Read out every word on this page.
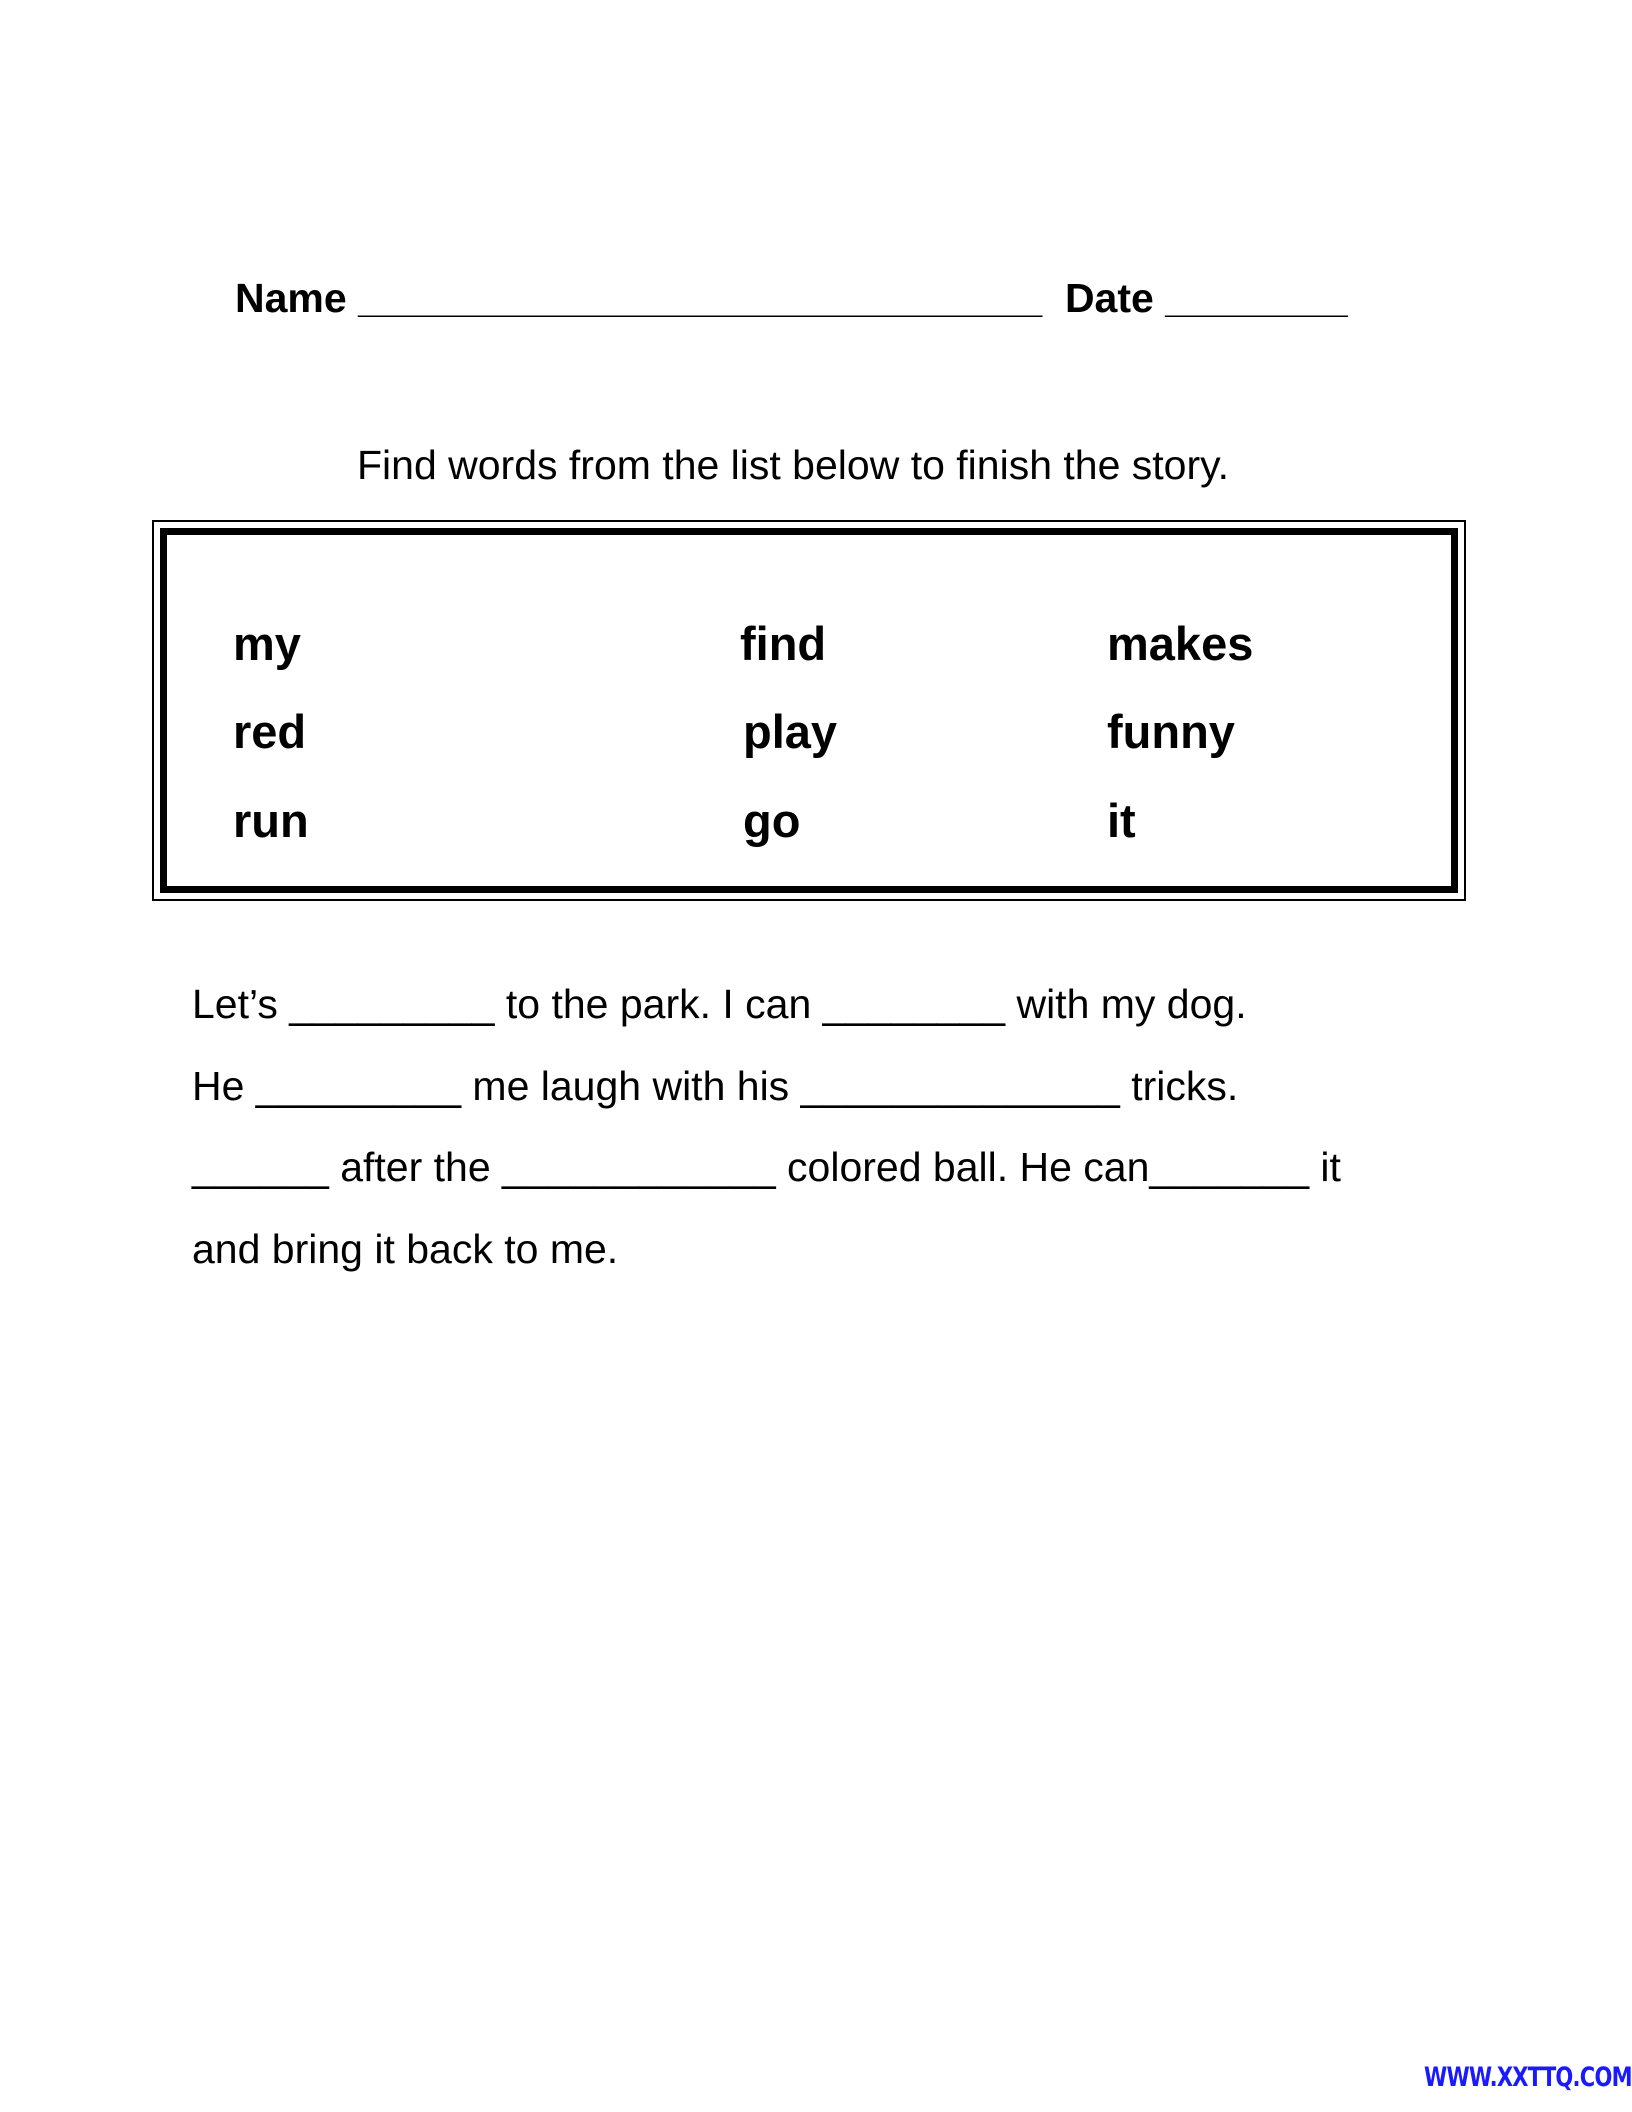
Name ______________________________ Date ________
Find words from the list below to finish the story.
my
red
run
find
play
go
makes
funny
it
Let’s _________ to the park. I can ________ with my dog.
He _________ me laugh with his ______________ tricks.
______ after the ____________ colored ball. He can_______ it
and bring it back to me.
WWW.XXTTQ.COM
